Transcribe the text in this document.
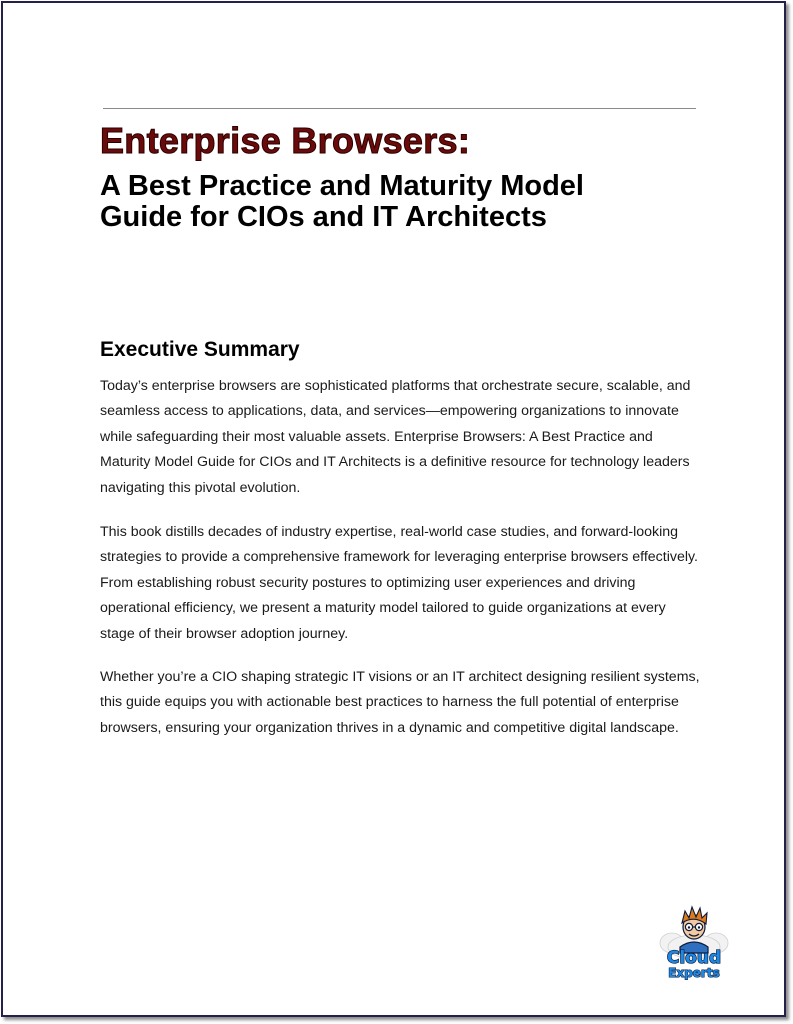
Enterprise Browsers:
A Best Practice and Maturity Model
Guide for CIOs and IT Architects
Executive Summary

Today’s enterprise browsers are sophisticated platforms that orchestrate secure, scalable, and seamless access to applications, data, and services—empowering organizations to innovate while safeguarding their most valuable assets. Enterprise Browsers: A Best Practice and Maturity Model Guide for CIOs and IT Architects is a definitive resource for technology leaders navigating this pivotal evolution.

This book distills decades of industry expertise, real-world case studies, and forward-looking strategies to provide a comprehensive framework for leveraging enterprise browsers effectively. From establishing robust security postures to optimizing user experiences and driving operational efficiency, we present a maturity model tailored to guide organizations at every stage of their browser adoption journey.

Whether you’re a CIO shaping strategic IT visions or an IT architect designing resilient systems, this guide equips you with actionable best practices to harness the full potential of enterprise browsers, ensuring your organization thrives in a dynamic and competitive digital landscape.

Cloud
Experts
